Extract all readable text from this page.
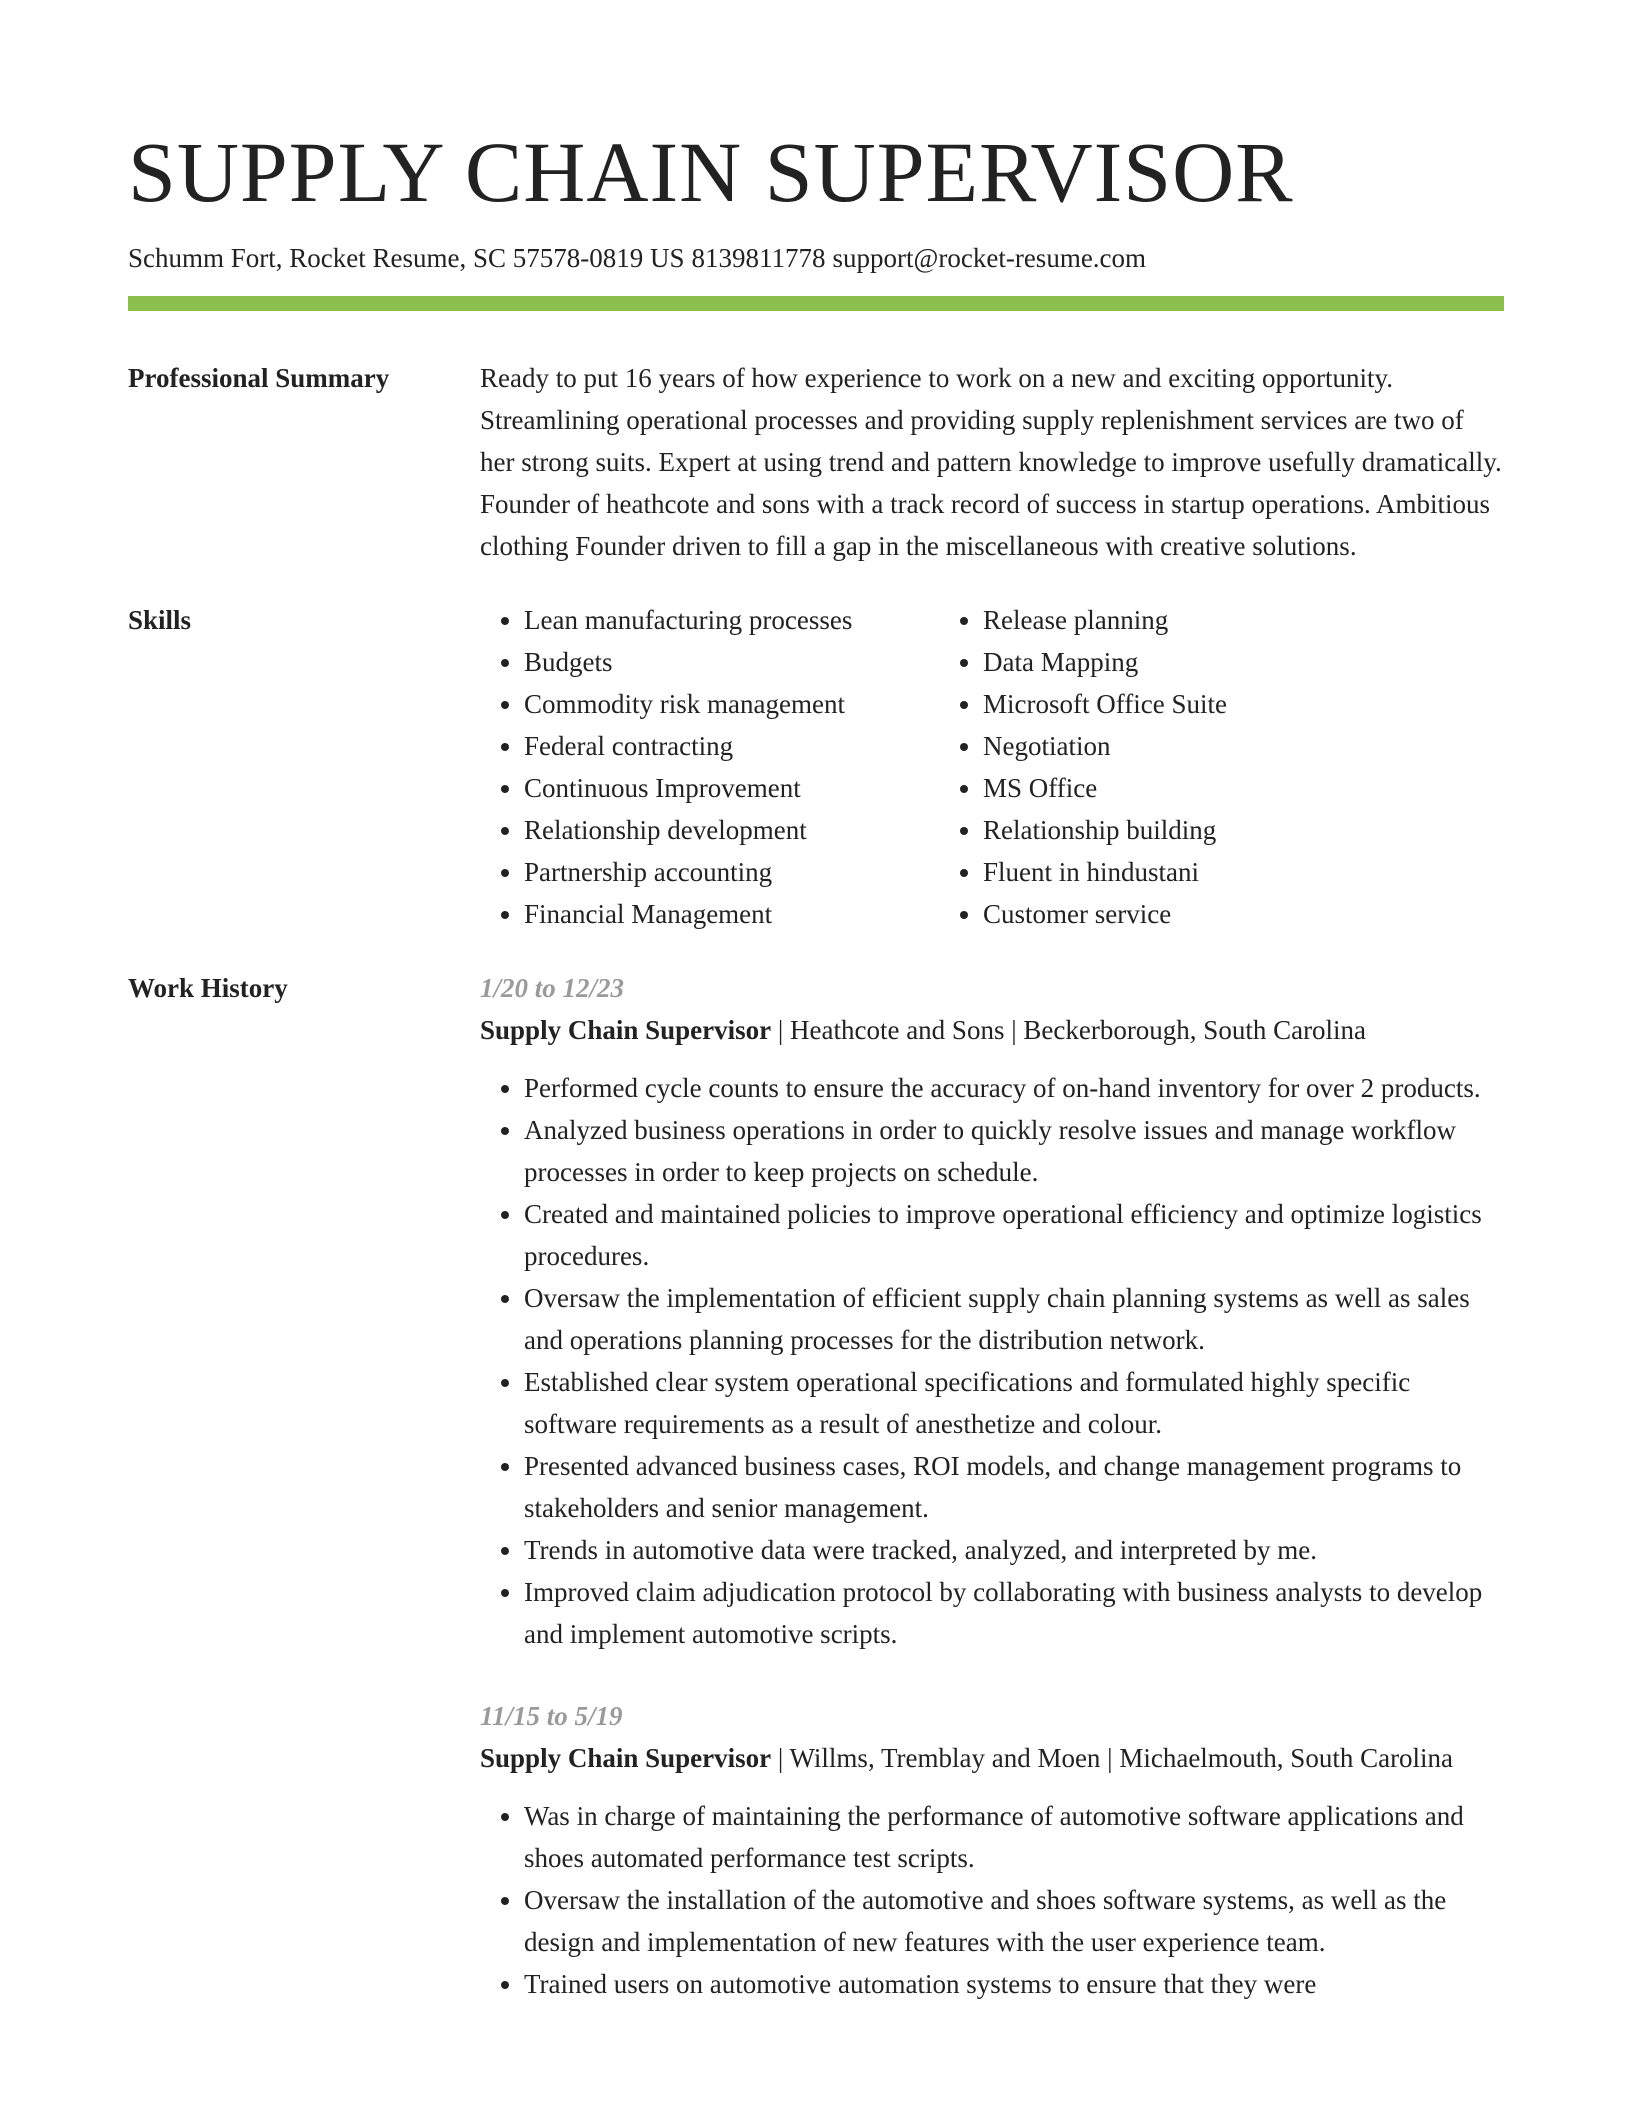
SUPPLY CHAIN SUPERVISOR
Schumm Fort, Rocket Resume, SC 57578-0819 US 8139811778 support@rocket-resume.com
Professional Summary	Ready to put 16 years of how experience to work on a new and exciting opportunity. Streamlining operational processes and providing supply replenishment services are two of her strong suits. Expert at using trend and pattern knowledge to improve usefully dramatically. Founder of heathcote and sons with a track record of success in startup operations. Ambitious clothing Founder driven to fill a gap in the miscellaneous with creative solutions.

Skills
•	Lean manufacturing processes
• Budgets
• Commodity risk management
• Federal contracting
• Continuous Improvement
• Relationship development
• Partnership accounting
• Financial Management
• Release planning
• Data Mapping
• Microsoft Office Suite
• Negotiation
• MS Office
• Relationship building
• Fluent in hindustani
• Customer service
Work History	1/20 to 12/23
Supply Chain Supervisor | Heathcote and Sons | Beckerborough, South Carolina
• Performed cycle counts to ensure the accuracy of on-hand inventory for over 2 products.
• Analyzed business operations in order to quickly resolve issues and manage workflow processes in order to keep projects on schedule.
• Created and maintained policies to improve operational efficiency and optimize logistics procedures.
• Oversaw the implementation of efficient supply chain planning systems as well as sales and operations planning processes for the distribution network.
• Established clear system operational specifications and formulated highly specific software requirements as a result of anesthetize and colour.
• Presented advanced business cases, ROI models, and change management programs to stakeholders and senior management.
• Trends in automotive data were tracked, analyzed, and interpreted by me.
• Improved claim adjudication protocol by collaborating with business analysts to develop and implement automotive scripts.
11/15 to 5/19
Supply Chain Supervisor | Willms, Tremblay and Moen | Michaelmouth, South Carolina
• Was in charge of maintaining the performance of automotive software applications and shoes automated performance test scripts.
• Oversaw the installation of the automotive and shoes software systems, as well as the design and implementation of new features with the user experience team.
• Trained users on automotive automation systems to ensure that they were
